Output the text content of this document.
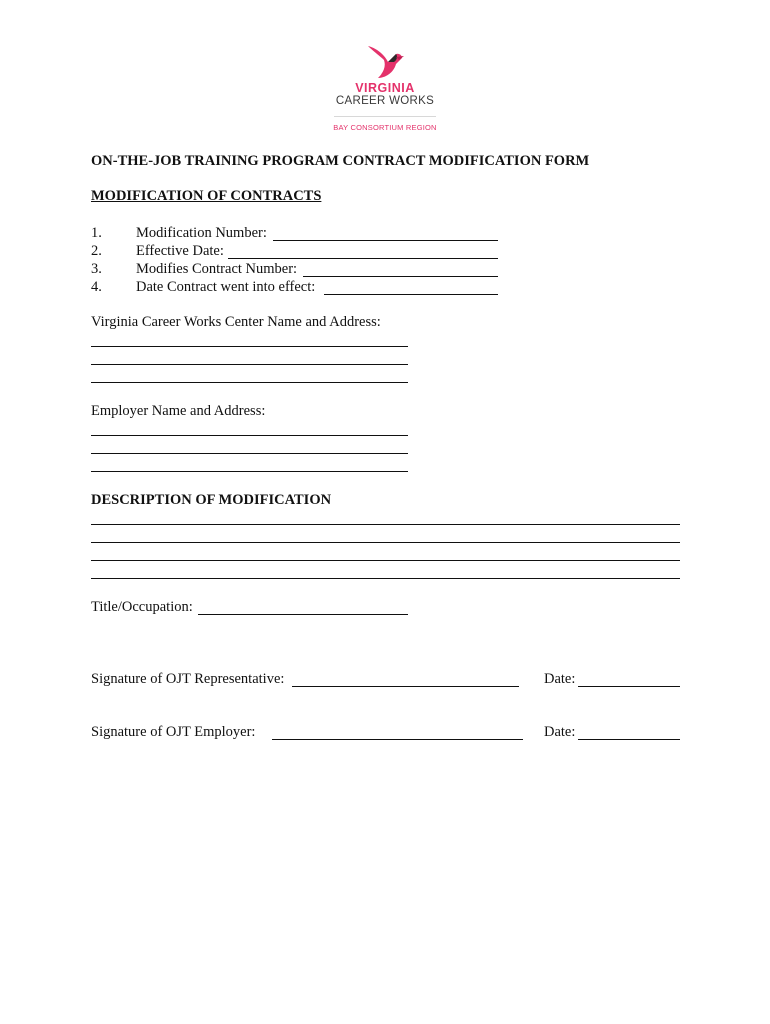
VIRGINIA
CAREER WORKS
BAY CONSORTIUM REGION
ON-THE-JOB TRAINING PROGRAM CONTRACT MODIFICATION FORM
MODIFICATION OF CONTRACTS
1.	Modification Number:
2.	Effective Date:
3.	Modifies Contract Number:
4.	Date Contract went into effect:
Virginia Career Works Center Name and Address:
Employer Name and Address:
DESCRIPTION OF MODIFICATION
Title/Occupation:
Signature of OJT Representative:	Date:
Signature of OJT Employer:	Date:
